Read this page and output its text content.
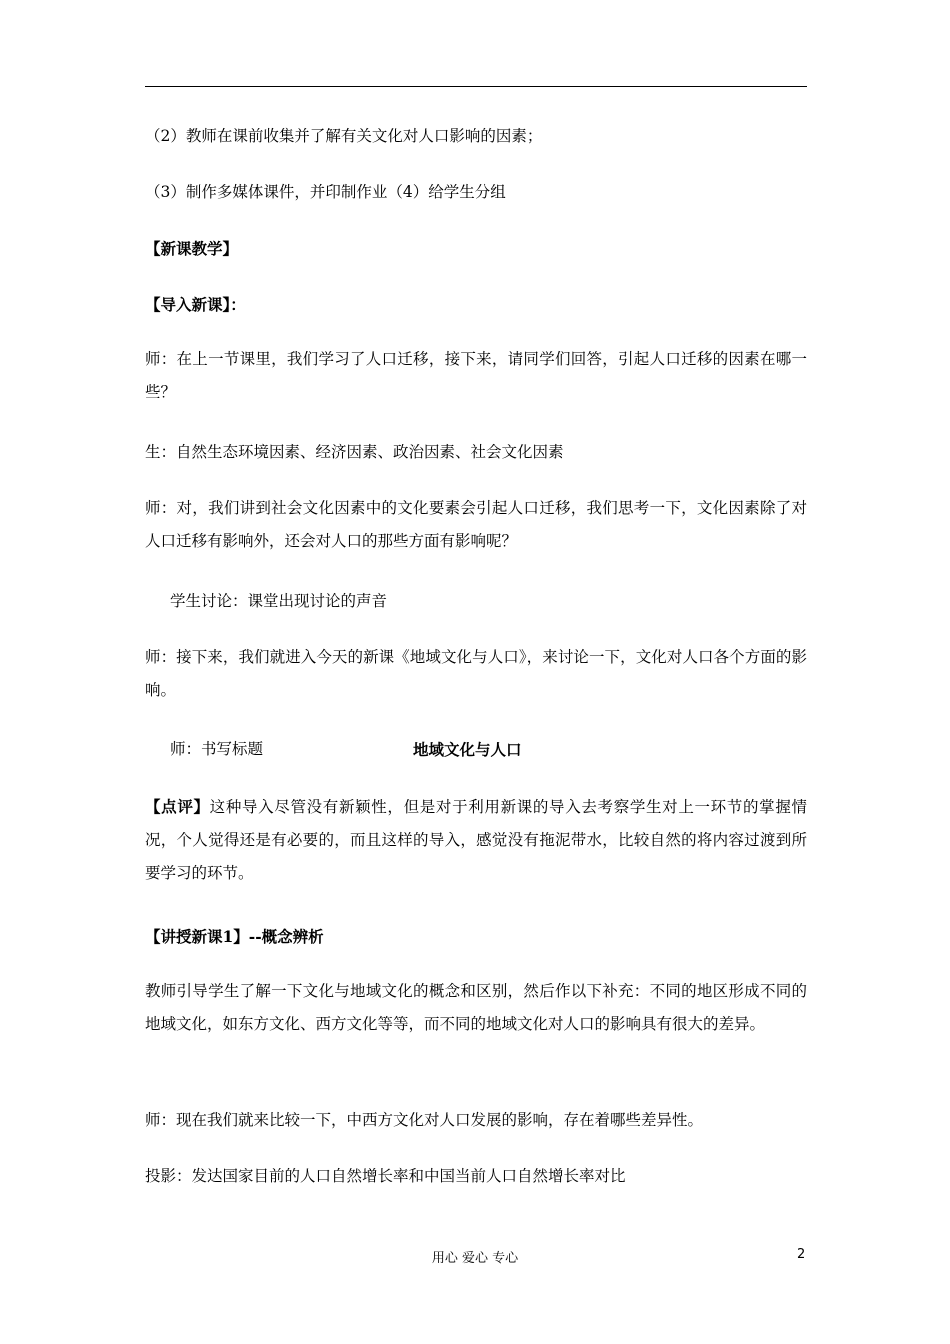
（2）教师在课前收集并了解有关文化对人口影响的因素；

（3）制作多媒体课件，并印制作业（4）给学生分组

【新课教学】

【导入新课】：

师：在上一节课里，我们学习了人口迁移，接下来，请同学们回答，引起人口迁移的因素在哪一些？

生：自然生态环境因素、经济因素、政治因素、社会文化因素

师：对，我们讲到社会文化因素中的文化要素会引起人口迁移，我们思考一下，文化因素除了对人口迁移有影响外，还会对人口的那些方面有影响呢？

学生讨论：课堂出现讨论的声音

师：接下来，我们就进入今天的新课《地域文化与人口》，来讨论一下，文化对人口各个方面的影响。

师：书写标题	地域文化与人口

【点评】这种导入尽管没有新颖性，但是对于利用新课的导入去考察学生对上一环节的掌握情况，个人觉得还是有必要的，而且这样的导入，感觉没有拖泥带水，比较自然的将内容过渡到所要学习的环节。

【讲授新课1】--概念辨析

教师引导学生了解一下文化与地域文化的概念和区别，然后作以下补充：不同的地区形成不同的地域文化，如东方文化、西方文化等等，而不同的地域文化对人口的影响具有很大的差异。

师：现在我们就来比较一下，中西方文化对人口发展的影响，存在着哪些差异性。

投影：发达国家目前的人口自然增长率和中国当前人口自然增长率对比

用心 爱心 专心	2
